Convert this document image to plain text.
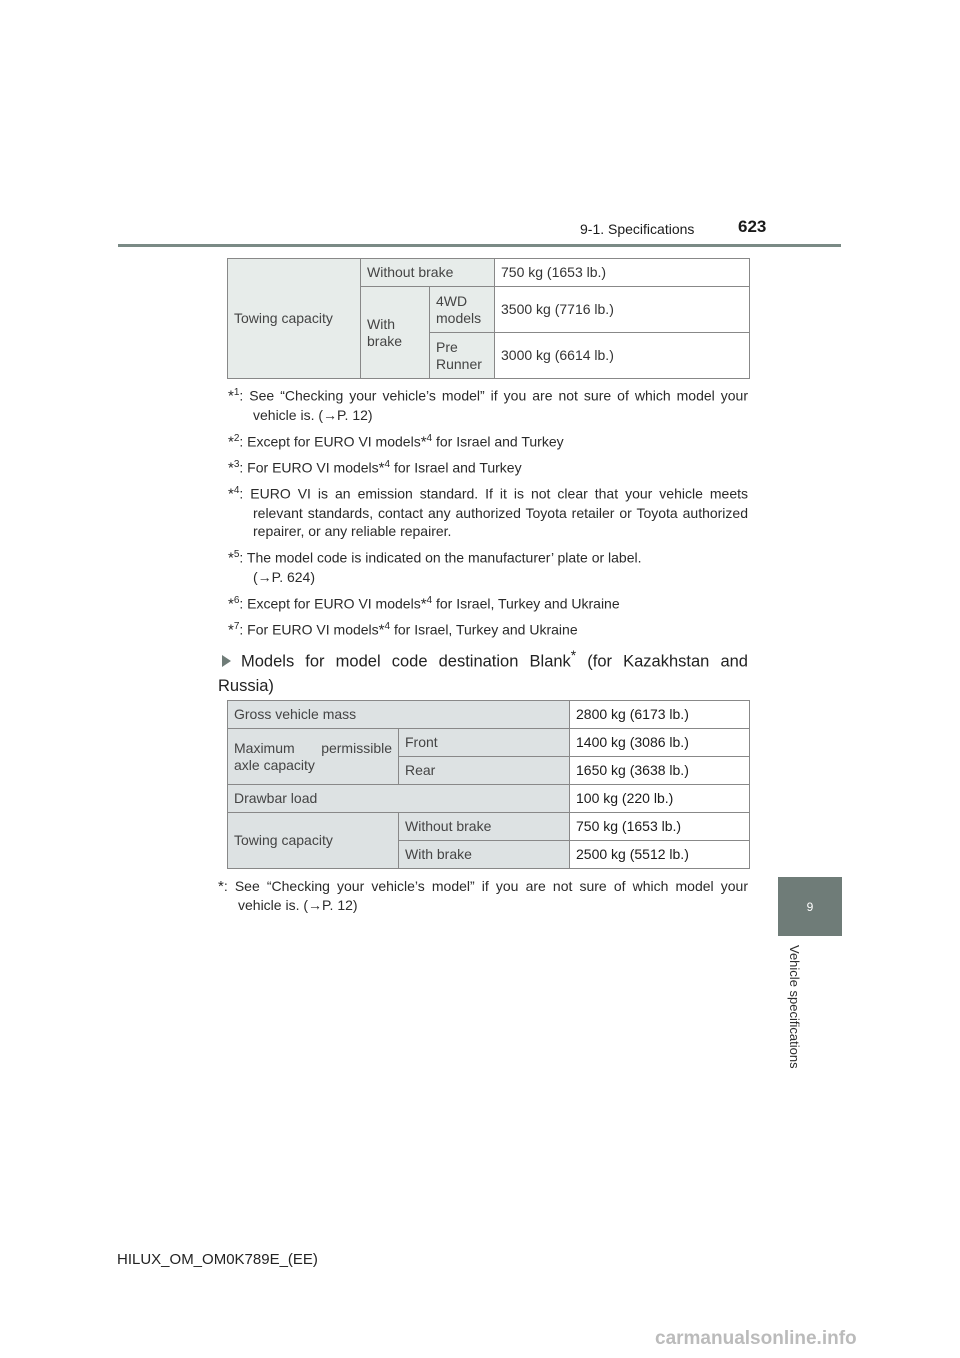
9-1. Specifications	623
9
Vehicle specifications
Towing capacity	Without brake		750 kg (1653 lb.)
	With brake	4WD models	3500 kg (7716 lb.)
		Pre Runner	3000 kg (6614 lb.)
*$^1$: See “Checking your vehicle’s model” if you are not sure of which model your vehicle is. (→P. 12)
*$^2$: Except for EURO VI models*$^4$ for Israel and Turkey
*$^3$: For EURO VI models*$^4$ for Israel and Turkey
*$^4$: EURO VI is an emission standard. If it is not clear that your vehicle meets relevant standards, contact any authorized Toyota retailer or Toyota authorized repairer, or any reliable repairer.
*$^5$: The model code is indicated on the manufacturer’ plate or label.
(→P. 624)
*$^6$: Except for EURO VI models*$^4$ for Israel, Turkey and Ukraine
*$^7$: For EURO VI models*$^4$ for Israel, Turkey and Ukraine
Models for model code destination Blank* (for Kazakhstan and Russia)
Gross vehicle mass		2800 kg (6173 lb.)
Maximum permissible axle capacity	Front	1400 kg (3086 lb.)
	Rear	1650 kg (3638 lb.)
Drawbar load		100 kg (220 lb.)
Towing capacity	Without brake	750 kg (1653 lb.)
	With brake	2500 kg (5512 lb.)
*: See “Checking your vehicle’s model” if you are not sure of which model your vehicle is. (→P. 12)
HILUX_OM_OM0K789E_(EE)
carmanualsonline.info
